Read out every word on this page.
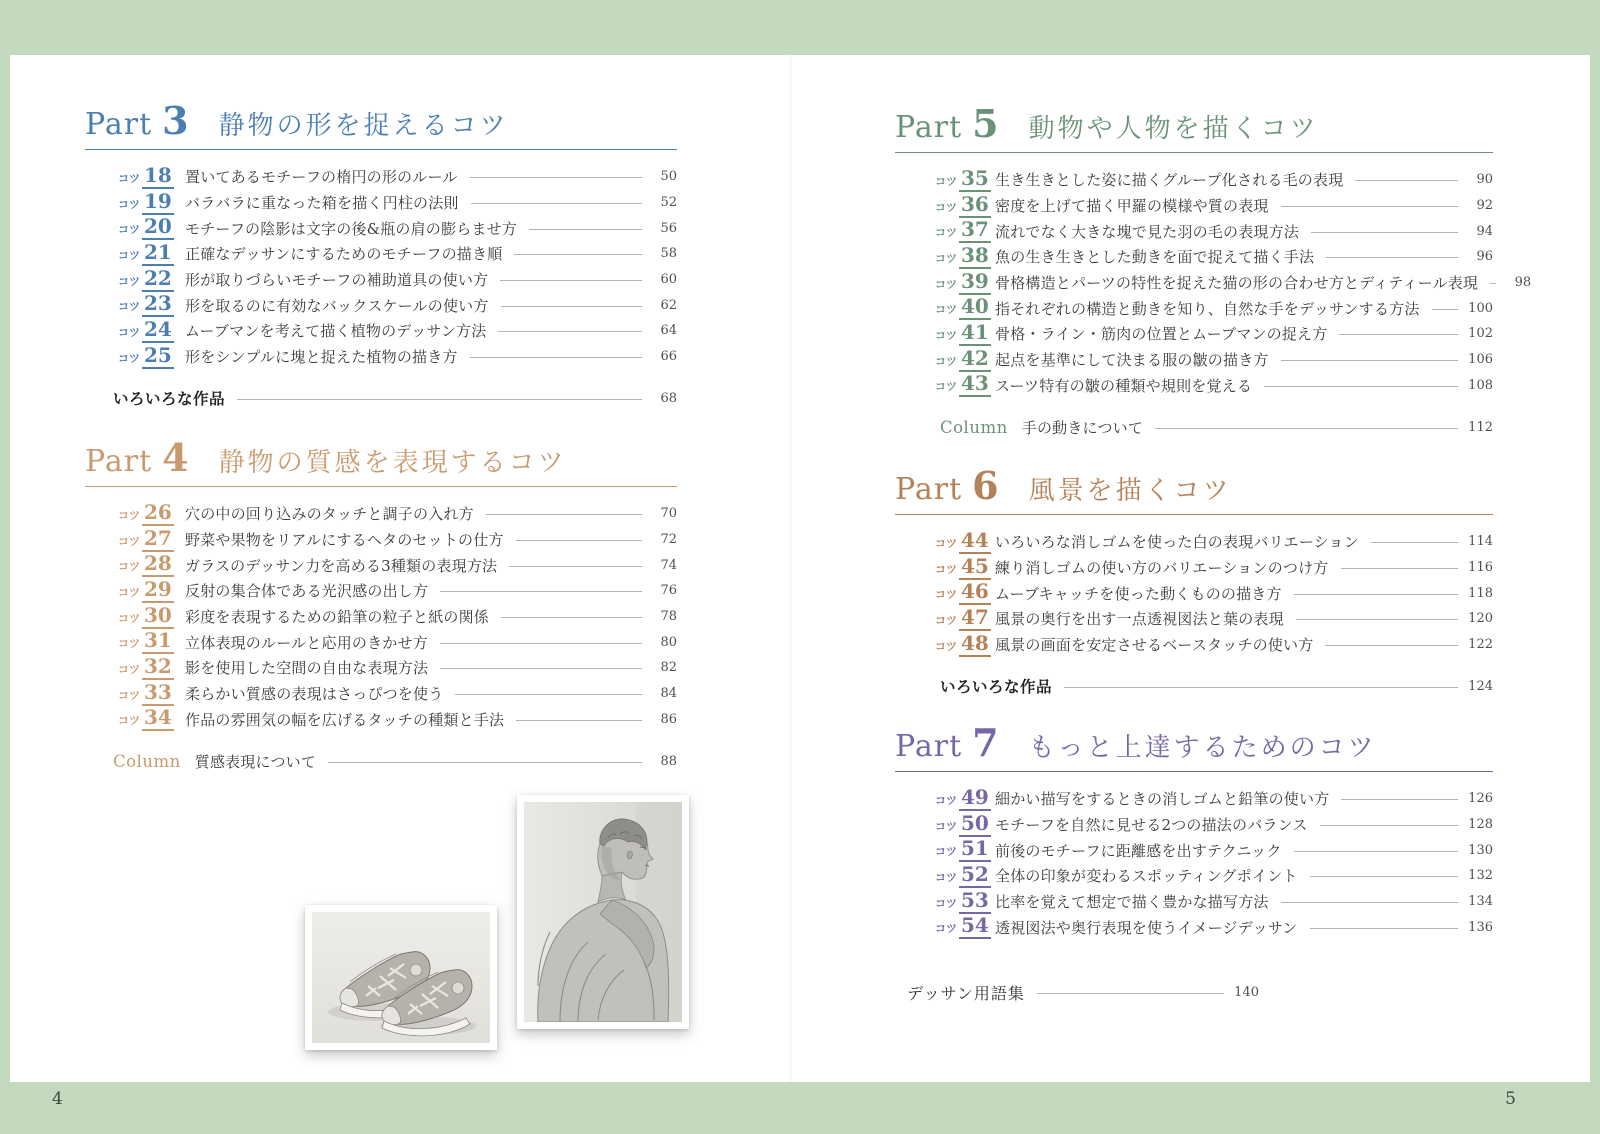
Part 3 静物の形を捉えるコツ
コツ 18 置いてあるモチーフの楕円の形のルール	50
コツ 19 バラバラに重なった箱を描く円柱の法則	52
コツ 20 モチーフの陰影は文字の後&瓶の肩の膨らませ方	56
コツ 21 正確なデッサンにするためのモチーフの描き順	58
コツ 22 形が取りづらいモチーフの補助道具の使い方	60
コツ 23 形を取るのに有効なバックスケールの使い方	62
コツ 24 ムーブマンを考えて描く植物のデッサン方法	64
コツ 25 形をシンプルに塊と捉えた植物の描き方	66
いろいろな作品	68
Part 4 静物の質感を表現するコツ
コツ 26 穴の中の回り込みのタッチと調子の入れ方	70
コツ 27 野菜や果物をリアルにするヘタのセットの仕方	72
コツ 28 ガラスのデッサン力を高める3種類の表現方法	74
コツ 29 反射の集合体である光沢感の出し方	76
コツ 30 彩度を表現するための鉛筆の粒子と紙の関係	78
コツ 31 立体表現のルールと応用のきかせ方	80
コツ 32 影を使用した空間の自由な表現方法	82
コツ 33 柔らかい質感の表現はさっぴつを使う	84
コツ 34 作品の雰囲気の幅を広げるタッチの種類と手法	86
Column 質感表現について	88
デッサン用語集	140
Part 5 動物や人物を描くコツ
コツ 35 生き生きとした姿に描くグループ化される毛の表現	90
コツ 36 密度を上げて描く甲羅の模様や質の表現	92
コツ 37 流れでなく大きな塊で見た羽の毛の表現方法	94
コツ 38 魚の生き生きとした動きを面で捉えて描く手法	96
コツ 39 骨格構造とパーツの特性を捉えた猫の形の合わせ方とディティール表現	98
コツ 40 指それぞれの構造と動きを知り、自然な手をデッサンする方法	100
コツ 41 骨格・ライン・筋肉の位置とムーブマンの捉え方	102
コツ 42 起点を基準にして決まる服の皺の描き方	106
コツ 43 スーツ特有の皺の種類や規則を覚える	108
Column 手の動きについて	112
Part 6 風景を描くコツ
コツ 44 いろいろな消しゴムを使った白の表現バリエーション	114
コツ 45 練り消しゴムの使い方のバリエーションのつけ方	116
コツ 46 ムーブキャッチを使った動くものの描き方	118
コツ 47 風景の奥行を出す一点透視図法と葉の表現	120
コツ 48 風景の画面を安定させるベースタッチの使い方	122
いろいろな作品	124
Part 7 もっと上達するためのコツ
コツ 49 細かい描写をするときの消しゴムと鉛筆の使い方	126
コツ 50 モチーフを自然に見せる2つの描法のバランス	128
コツ 51 前後のモチーフに距離感を出すテクニック	130
コツ 52 全体の印象が変わるスポッティングポイント	132
コツ 53 比率を覚えて想定で描く豊かな描写方法	134
コツ 54 透視図法や奥行表現を使うイメージデッサン	136
4	5
